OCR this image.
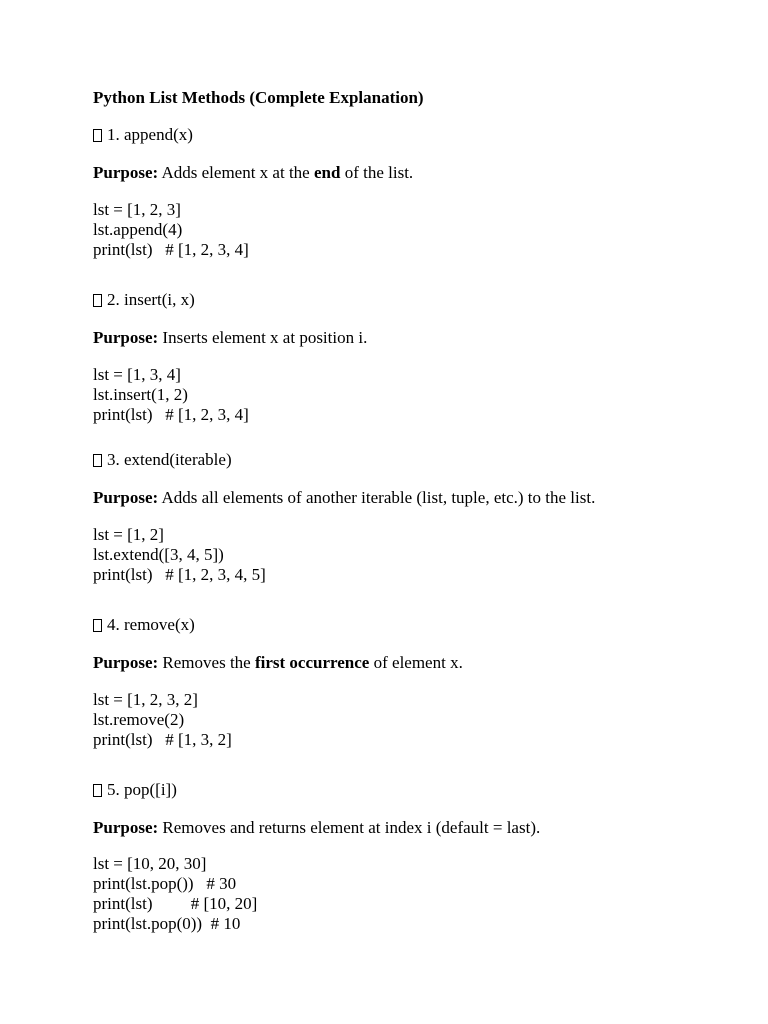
Python List Methods (Complete Explanation)
1. append(x)
Purpose: Adds element x at the end of the list.
lst = [1, 2, 3]
lst.append(4)
print(lst)   # [1, 2, 3, 4]
2. insert(i, x)
Purpose: Inserts element x at position i.
lst = [1, 3, 4]
lst.insert(1, 2)
print(lst)   # [1, 2, 3, 4]
3. extend(iterable)
Purpose: Adds all elements of another iterable (list, tuple, etc.) to the list.
lst = [1, 2]
lst.extend([3, 4, 5])
print(lst)   # [1, 2, 3, 4, 5]
4. remove(x)
Purpose: Removes the first occurrence of element x.
lst = [1, 2, 3, 2]
lst.remove(2)
print(lst)   # [1, 3, 2]
5. pop([i])
Purpose: Removes and returns element at index i (default = last).
lst = [10, 20, 30]
print(lst.pop())   # 30
print(lst)         # [10, 20]
print(lst.pop(0))  # 10
